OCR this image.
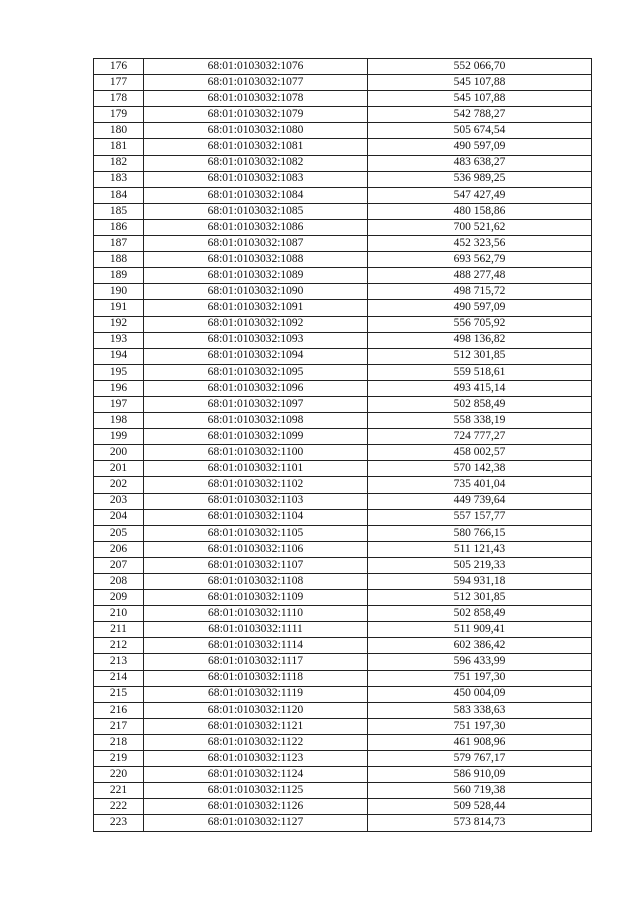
176	68:01:0103032:1076	552 066,70
177	68:01:0103032:1077	545 107,88
178	68:01:0103032:1078	545 107,88
179	68:01:0103032:1079	542 788,27
180	68:01:0103032:1080	505 674,54
181	68:01:0103032:1081	490 597,09
182	68:01:0103032:1082	483 638,27
183	68:01:0103032:1083	536 989,25
184	68:01:0103032:1084	547 427,49
185	68:01:0103032:1085	480 158,86
186	68:01:0103032:1086	700 521,62
187	68:01:0103032:1087	452 323,56
188	68:01:0103032:1088	693 562,79
189	68:01:0103032:1089	488 277,48
190	68:01:0103032:1090	498 715,72
191	68:01:0103032:1091	490 597,09
192	68:01:0103032:1092	556 705,92
193	68:01:0103032:1093	498 136,82
194	68:01:0103032:1094	512 301,85
195	68:01:0103032:1095	559 518,61
196	68:01:0103032:1096	493 415,14
197	68:01:0103032:1097	502 858,49
198	68:01:0103032:1098	558 338,19
199	68:01:0103032:1099	724 777,27
200	68:01:0103032:1100	458 002,57
201	68:01:0103032:1101	570 142,38
202	68:01:0103032:1102	735 401,04
203	68:01:0103032:1103	449 739,64
204	68:01:0103032:1104	557 157,77
205	68:01:0103032:1105	580 766,15
206	68:01:0103032:1106	511 121,43
207	68:01:0103032:1107	505 219,33
208	68:01:0103032:1108	594 931,18
209	68:01:0103032:1109	512 301,85
210	68:01:0103032:1110	502 858,49
211	68:01:0103032:1111	511 909,41
212	68:01:0103032:1114	602 386,42
213	68:01:0103032:1117	596 433,99
214	68:01:0103032:1118	751 197,30
215	68:01:0103032:1119	450 004,09
216	68:01:0103032:1120	583 338,63
217	68:01:0103032:1121	751 197,30
218	68:01:0103032:1122	461 908,96
219	68:01:0103032:1123	579 767,17
220	68:01:0103032:1124	586 910,09
221	68:01:0103032:1125	560 719,38
222	68:01:0103032:1126	509 528,44
223	68:01:0103032:1127	573 814,73
